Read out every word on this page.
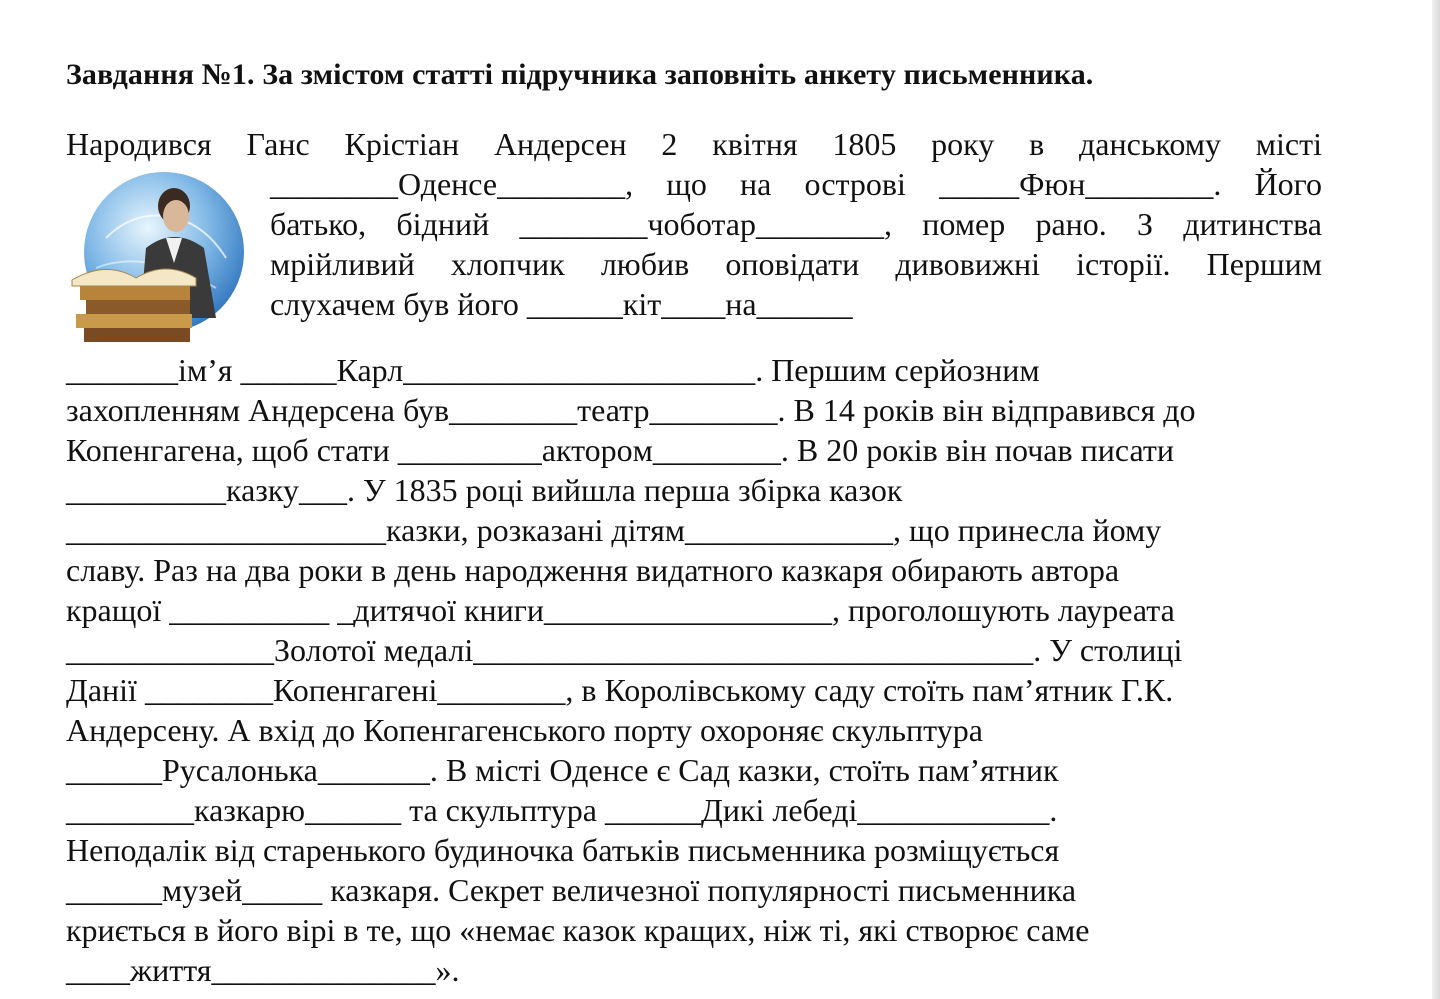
Завдання №1. За змістом статті підручника заповніть анкету письменника.
Народився Ганс Крістіан Андерсен 2 квітня 1805 року в данському місті
________Оденсе________, що на острові _____Фюн________. Його
батько, бідний ________чоботар________, помер рано. З дитинства
мрійливий хлопчик любив оповідати дивовижні історії. Першим
слухачем був його ______кіт____на______
_______ім’я ______Карл______________________. Першим серйозним
захопленням Андерсена був________театр________. В 14 років він відправився до
Копенгагена, щоб стати _________акторoм________. В 20 років він почав писати
__________казку___. У 1835 році вийшла перша збірка казок
____________________казки, розказані дітям_____________, що принесла йому
славу. Раз на два роки в день народження видатного казкаря обирають автора
кращої __________ _дитячої книги__________________, проголошують лауреата
_____________Золотої медалі___________________________________. У столиці
Данії ________Копенгагені________, в Королівському саду стоїть пам’ятник Г.К.
Андерсену. А вхід до Копенгагенського порту охороняє скульптура
______Русалонька_______. В місті Оденсе є Сад казки, стоїть пам’ятник
________казкарю______ та скульптура ______Дикі лебеді____________.
Неподалік від старенького будиночка батьків письменника розміщується
______музей_____ казкаря. Секрет величезної популярності письменника
криється в його вірі в те, що «немає казок кращих, ніж ті, які створює саме
____життя______________».
